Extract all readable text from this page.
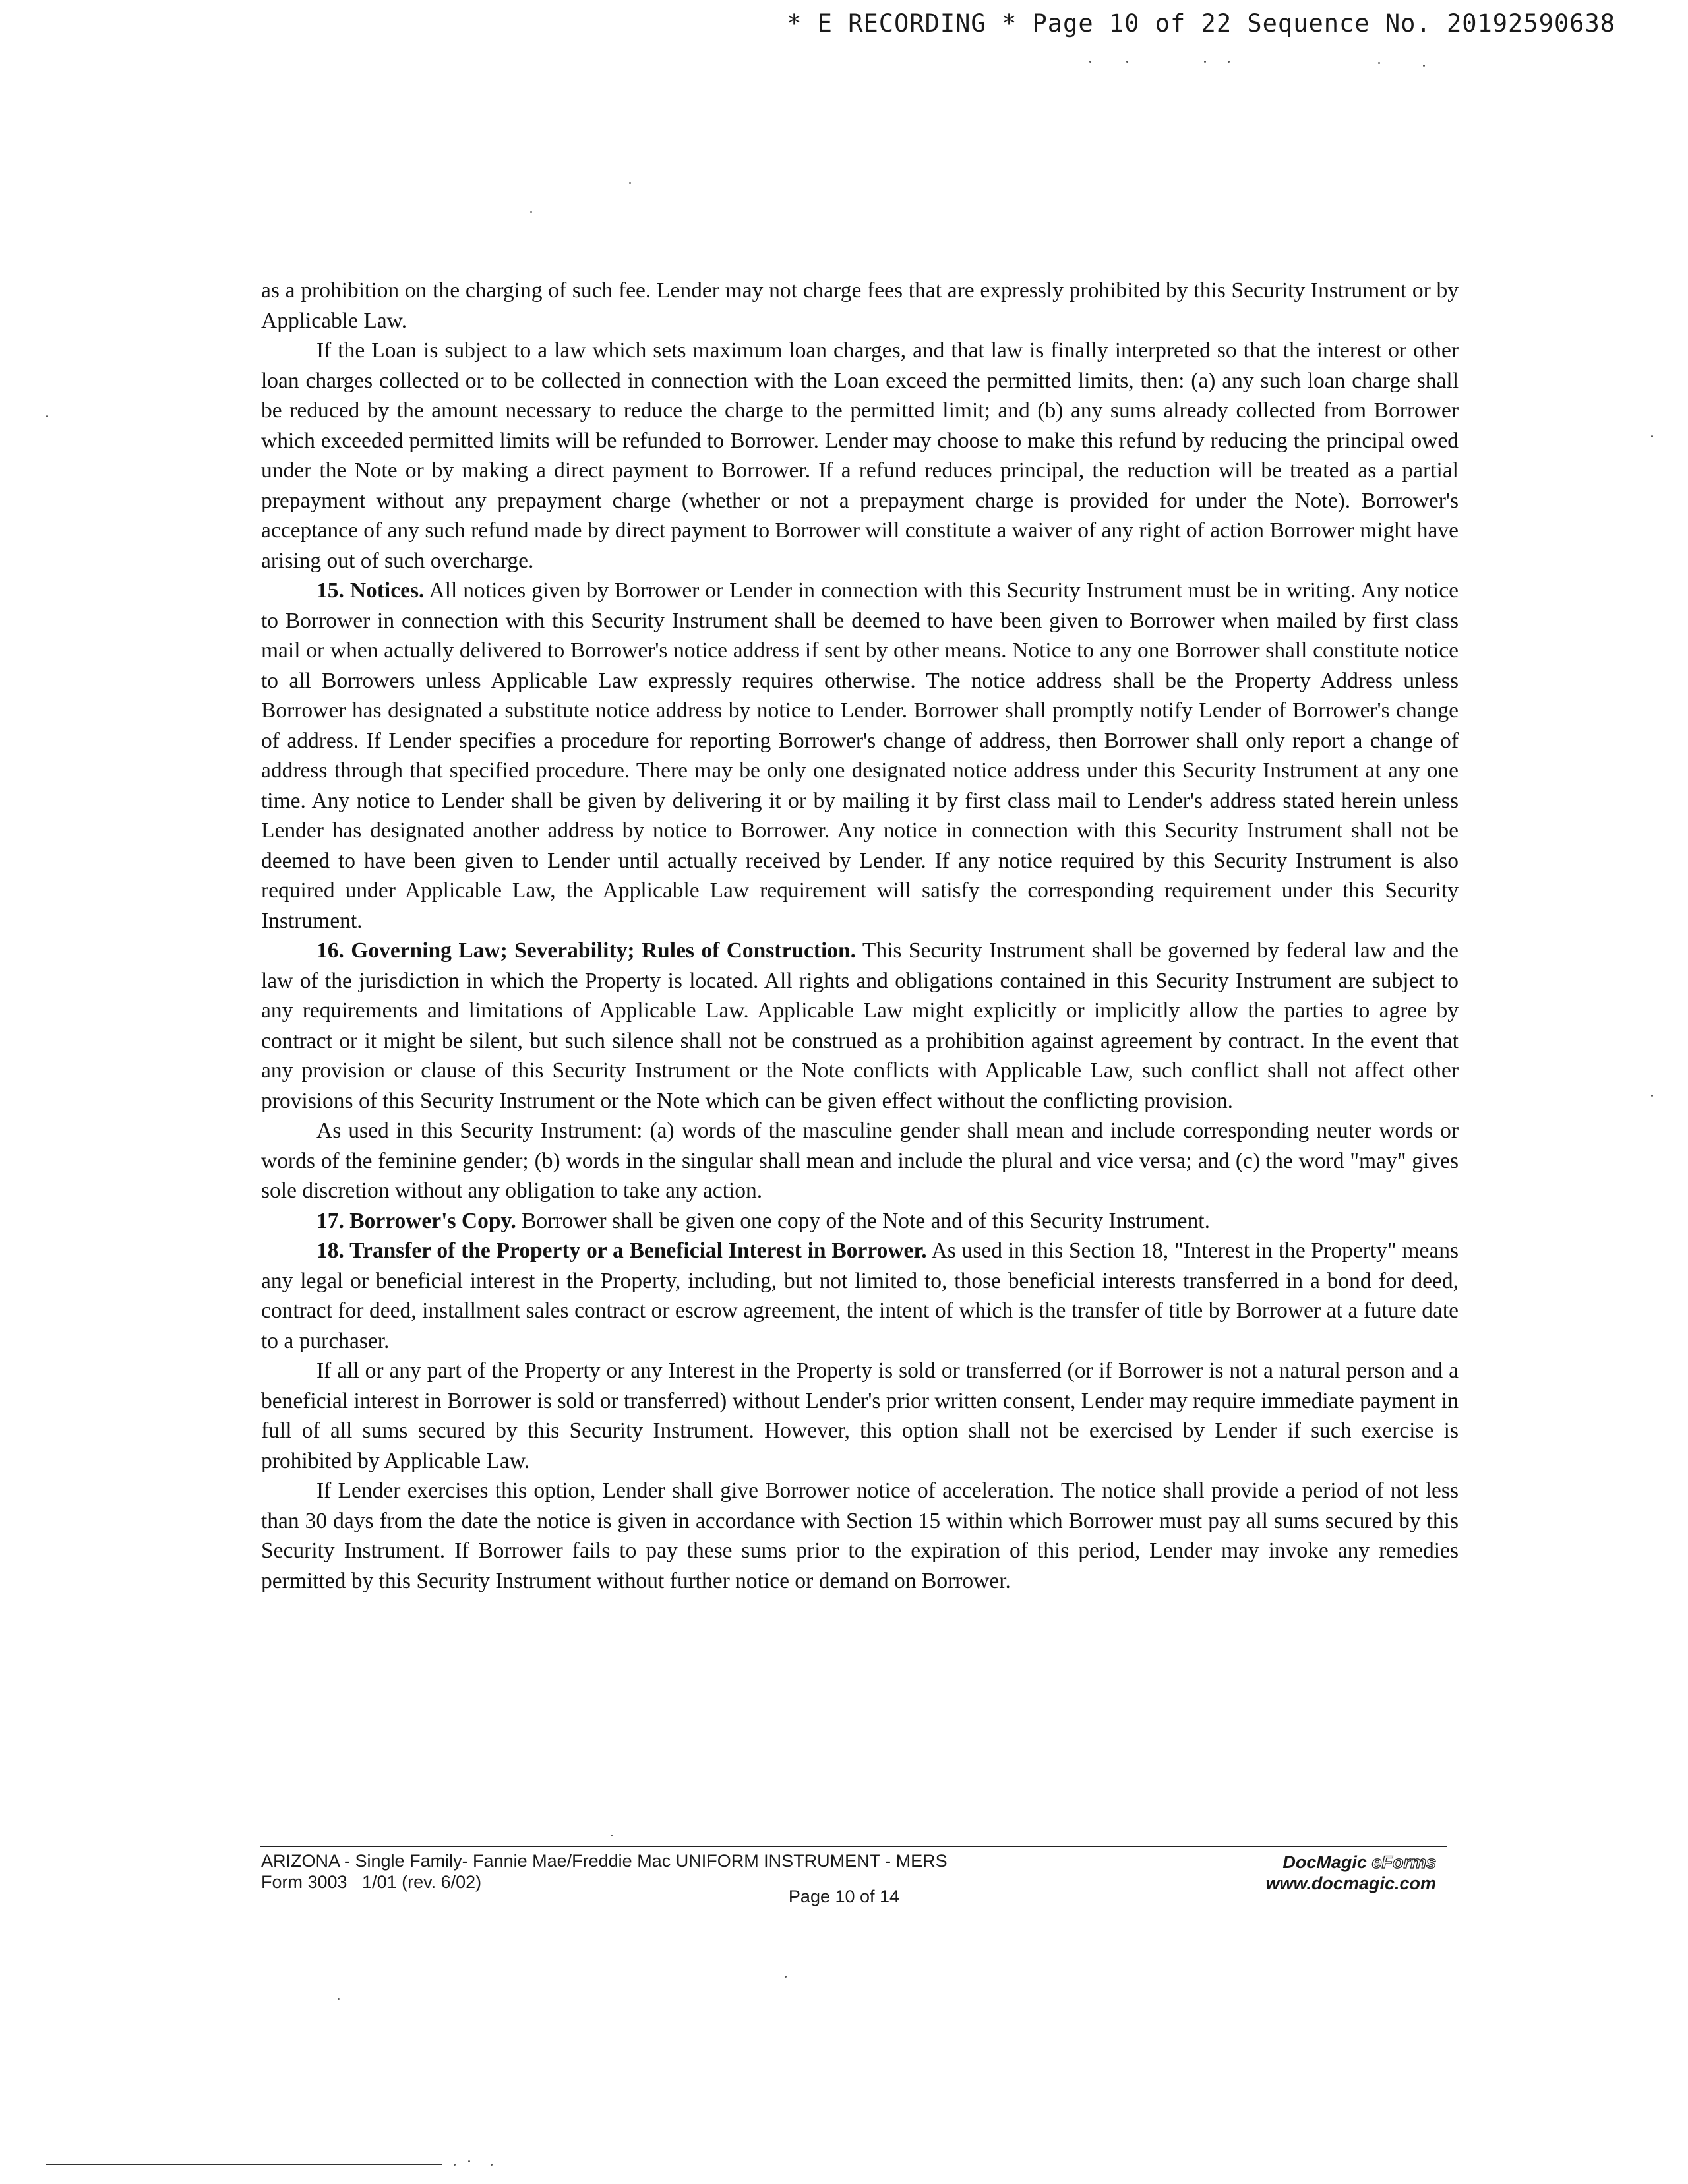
* E RECORDING * Page 10 of 22 Sequence No. 20192590638

as a prohibition on the charging of such fee. Lender may not charge fees that are expressly prohibited by this Security Instrument or by Applicable Law.

If the Loan is subject to a law which sets maximum loan charges, and that law is finally interpreted so that the interest or other loan charges collected or to be collected in connection with the Loan exceed the permitted limits, then: (a) any such loan charge shall be reduced by the amount necessary to reduce the charge to the permitted limit; and (b) any sums already collected from Borrower which exceeded permitted limits will be refunded to Borrower. Lender may choose to make this refund by reducing the principal owed under the Note or by making a direct payment to Borrower. If a refund reduces principal, the reduction will be treated as a partial prepayment without any prepayment charge (whether or not a prepayment charge is provided for under the Note). Borrower's acceptance of any such refund made by direct payment to Borrower will constitute a waiver of any right of action Borrower might have arising out of such overcharge.

15. Notices. All notices given by Borrower or Lender in connection with this Security Instrument must be in writing. Any notice to Borrower in connection with this Security Instrument shall be deemed to have been given to Borrower when mailed by first class mail or when actually delivered to Borrower's notice address if sent by other means. Notice to any one Borrower shall constitute notice to all Borrowers unless Applicable Law expressly requires otherwise. The notice address shall be the Property Address unless Borrower has designated a substitute notice address by notice to Lender. Borrower shall promptly notify Lender of Borrower's change of address. If Lender specifies a procedure for reporting Borrower's change of address, then Borrower shall only report a change of address through that specified procedure. There may be only one designated notice address under this Security Instrument at any one time. Any notice to Lender shall be given by delivering it or by mailing it by first class mail to Lender's address stated herein unless Lender has designated another address by notice to Borrower. Any notice in connection with this Security Instrument shall not be deemed to have been given to Lender until actually received by Lender. If any notice required by this Security Instrument is also required under Applicable Law, the Applicable Law requirement will satisfy the corresponding requirement under this Security Instrument.

16. Governing Law; Severability; Rules of Construction. This Security Instrument shall be governed by federal law and the law of the jurisdiction in which the Property is located. All rights and obligations contained in this Security Instrument are subject to any requirements and limitations of Applicable Law. Applicable Law might explicitly or implicitly allow the parties to agree by contract or it might be silent, but such silence shall not be construed as a prohibition against agreement by contract. In the event that any provision or clause of this Security Instrument or the Note conflicts with Applicable Law, such conflict shall not affect other provisions of this Security Instrument or the Note which can be given effect without the conflicting provision.

As used in this Security Instrument: (a) words of the masculine gender shall mean and include corresponding neuter words or words of the feminine gender; (b) words in the singular shall mean and include the plural and vice versa; and (c) the word "may" gives sole discretion without any obligation to take any action.

17. Borrower's Copy. Borrower shall be given one copy of the Note and of this Security Instrument.

18. Transfer of the Property or a Beneficial Interest in Borrower. As used in this Section 18, "Interest in the Property" means any legal or beneficial interest in the Property, including, but not limited to, those beneficial interests transferred in a bond for deed, contract for deed, installment sales contract or escrow agreement, the intent of which is the transfer of title by Borrower at a future date to a purchaser.

If all or any part of the Property or any Interest in the Property is sold or transferred (or if Borrower is not a natural person and a beneficial interest in Borrower is sold or transferred) without Lender's prior written consent, Lender may require immediate payment in full of all sums secured by this Security Instrument. However, this option shall not be exercised by Lender if such exercise is prohibited by Applicable Law.

If Lender exercises this option, Lender shall give Borrower notice of acceleration. The notice shall provide a period of not less than 30 days from the date the notice is given in accordance with Section 15 within which Borrower must pay all sums secured by this Security Instrument. If Borrower fails to pay these sums prior to the expiration of this period, Lender may invoke any remedies permitted by this Security Instrument without further notice or demand on Borrower.

ARIZONA - Single Family- Fannie Mae/Freddie Mac UNIFORM INSTRUMENT - MERS
Form 3003   1/01 (rev. 6/02)
Page 10 of 14
DocMagic eForms
www.docmagic.com
